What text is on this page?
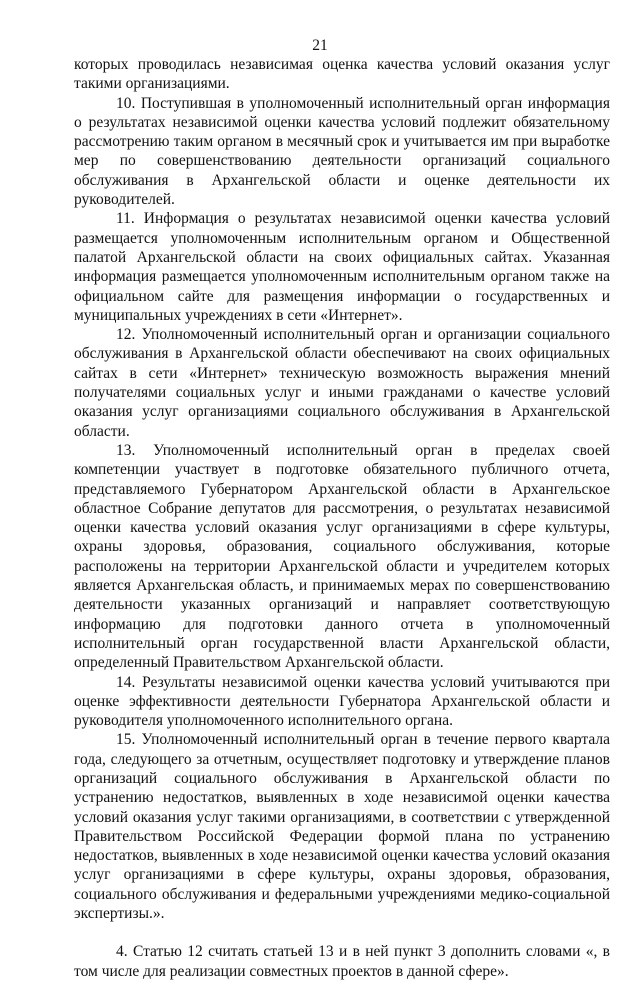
21

которых проводилась независимая оценка качества условий оказания услуг такими организациями.

10. Поступившая в уполномоченный исполнительный орган информация о результатах независимой оценки качества условий подлежит обязательному рассмотрению таким органом в месячный срок и учитывается им при выработке мер по совершенствованию деятельности организаций социального обслуживания в Архангельской области и оценке деятельности их руководителей.

11. Информация о результатах независимой оценки качества условий размещается уполномоченным исполнительным органом и Общественной палатой Архангельской области на своих официальных сайтах. Указанная информация размещается уполномоченным исполнительным органом также на официальном сайте для размещения информации о государственных и муниципальных учреждениях в сети «Интернет».

12. Уполномоченный исполнительный орган и организации социального обслуживания в Архангельской области обеспечивают на своих официальных сайтах в сети «Интернет» техническую возможность выражения мнений получателями социальных услуг и иными гражданами о качестве условий оказания услуг организациями социального обслуживания в Архангельской области.

13. Уполномоченный исполнительный орган в пределах своей компетенции участвует в подготовке обязательного публичного отчета, представляемого Губернатором Архангельской области в Архангельское областное Собрание депутатов для рассмотрения, о результатах независимой оценки качества условий оказания услуг организациями в сфере культуры, охраны здоровья, образования, социального обслуживания, которые расположены на территории Архангельской области и учредителем которых является Архангельская область, и принимаемых мерах по совершенствованию деятельности указанных организаций и направляет соответствующую информацию для подготовки данного отчета в уполномоченный исполнительный орган государственной власти Архангельской области, определенный Правительством Архангельской области.

14. Результаты независимой оценки качества условий учитываются при оценке эффективности деятельности Губернатора Архангельской области и руководителя уполномоченного исполнительного органа.

15. Уполномоченный исполнительный орган в течение первого квартала года, следующего за отчетным, осуществляет подготовку и утверждение планов организаций социального обслуживания в Архангельской области по устранению недостатков, выявленных в ходе независимой оценки качества условий оказания услуг такими организациями, в соответствии с утвержденной Правительством Российской Федерации формой плана по устранению недостатков, выявленных в ходе независимой оценки качества условий оказания услуг организациями в сфере культуры, охраны здоровья, образования, социального обслуживания и федеральными учреждениями медико-социальной экспертизы.».

4. Статью 12 считать статьей 13 и в ней пункт 3 дополнить словами «, в том числе для реализации совместных проектов в данной сфере».
